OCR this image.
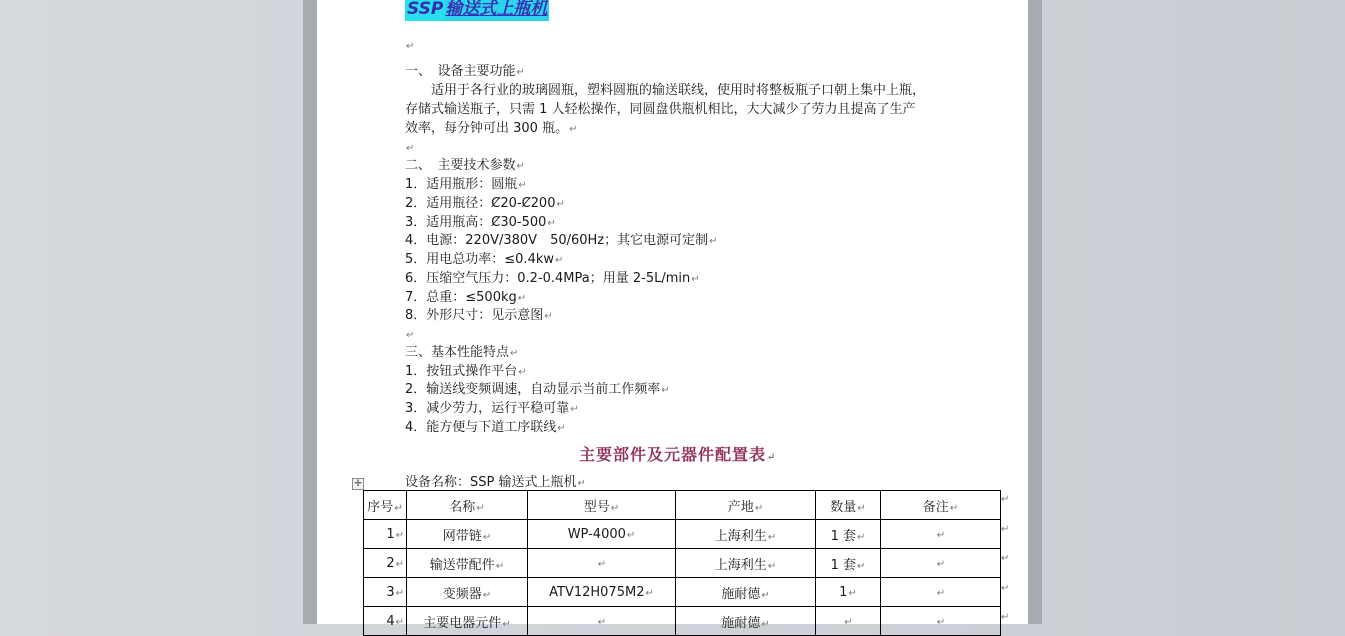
SSP 输送式上瓶机
↵
一、　设备主要功能↵
　　适用于各行业的玻璃圆瓶，塑料圆瓶的输送联线，使用时将整板瓶子口朝上集中上瓶，
存储式输送瓶子，只需 1 人轻松操作，同圆盘供瓶机相比，大大减少了劳力且提高了生产
效率，每分钟可出 300 瓶。↵
↵
二、　主要技术参数↵
1．适用瓶形：圆瓶↵
2．适用瓶径：Ȼ20-Ȼ200↵
3．适用瓶高：Ȼ30-500↵
4．电源：220V/380V　50/60Hz；其它电源可定制↵
5．用电总功率：≤0.4kw↵
6．压缩空气压力：0.2-0.4MPa；用量 2-5L/min↵
7．总重：≤500kg↵
8．外形尺寸：见示意图↵
↵
三、基本性能特点↵
1．按钮式操作平台↵
2．输送线变频调速，自动显示当前工作频率↵
3．减少劳力，运行平稳可靠↵
4．能方便与下道工序联线↵
主要部件及元器件配置表↵
设备名称：SSP 输送式上瓶机↵
✛
序号↵	名称↵	型号↵	产地↵	数量↵	备注↵
1↵	网带链↵	WP-4000↵	上海利生↵	1 套↵	↵
2↵	输送带配件↵	↵	上海利生↵	1 套↵	↵
3↵	变频器↵	ATV12H075M2↵	施耐德↵	1↵	↵
4↵	主要电器元件↵	↵	施耐德↵	↵	↵
↵
↵
↵
↵
↵
